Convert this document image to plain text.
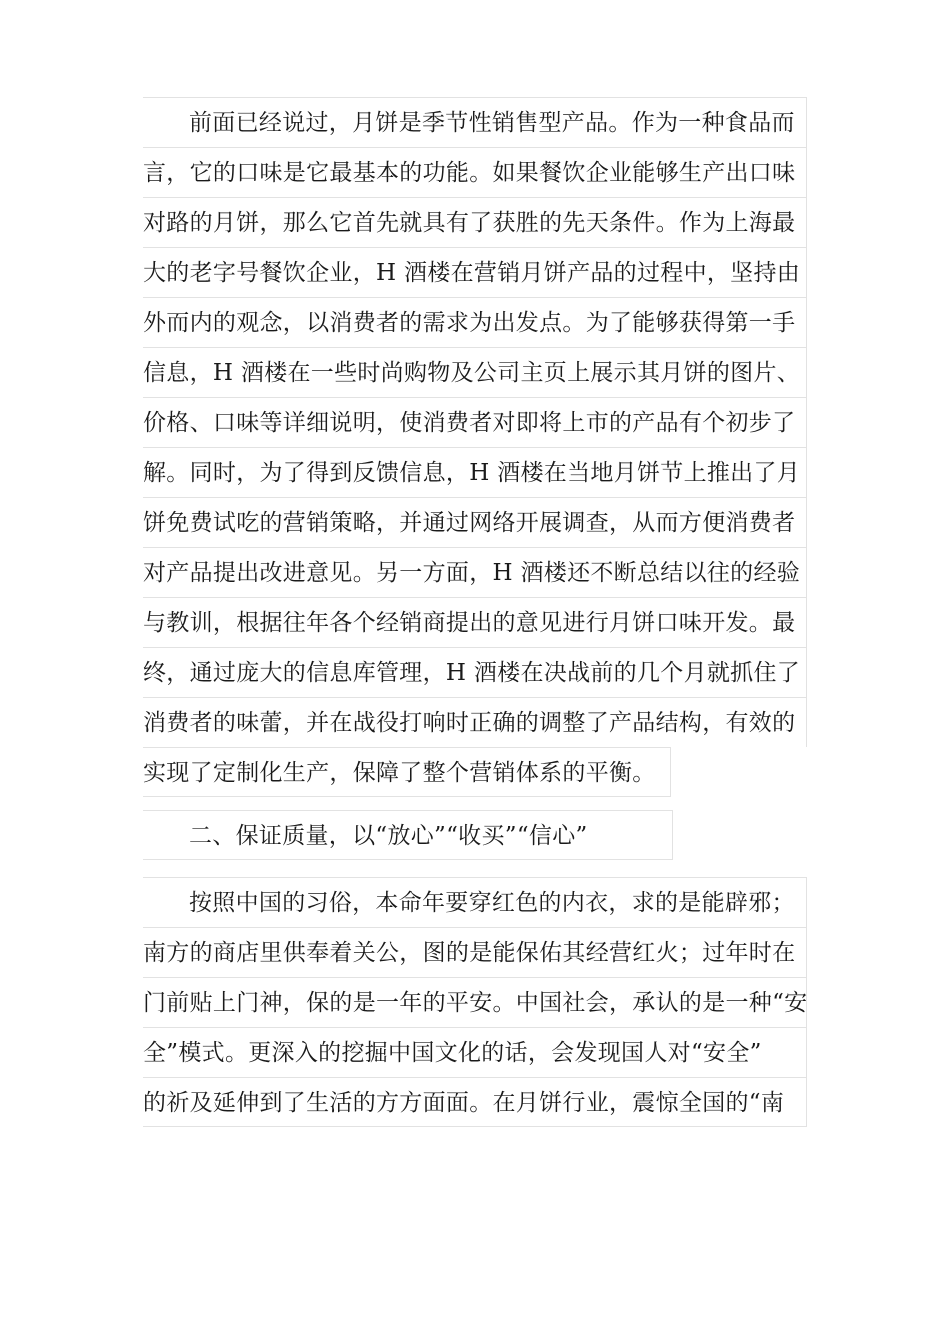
前面已经说过，月饼是季节性销售型产品。作为一种食品而
言，它的口味是它最基本的功能。如果餐饮企业能够生产出口味
对路的月饼，那么它首先就具有了获胜的先天条件。作为上海最
大的老字号餐饮企业，H 酒楼在营销月饼产品的过程中，坚持由
外而内的观念，以消费者的需求为出发点。为了能够获得第一手
信息，H 酒楼在一些时尚购物及公司主页上展示其月饼的图片、
价格、口味等详细说明，使消费者对即将上市的产品有个初步了
解。同时，为了得到反馈信息，H 酒楼在当地月饼节上推出了月
饼免费试吃的营销策略，并通过网络开展调查，从而方便消费者
对产品提出改进意见。另一方面，H 酒楼还不断总结以往的经验
与教训，根据往年各个经销商提出的意见进行月饼口味开发。最
终，通过庞大的信息库管理，H 酒楼在决战前的几个月就抓住了
消费者的味蕾，并在战役打响时正确的调整了产品结构，有效的
实现了定制化生产，保障了整个营销体系的平衡。
二、保证质量，以“放心”“收买”“信心”
按照中国的习俗，本命年要穿红色的内衣，求的是能辟邪；
南方的商店里供奉着关公，图的是能保佑其经营红火；过年时在
门前贴上门神，保的是一年的平安。中国社会，承认的是一种“安
全”模式。更深入的挖掘中国文化的话，会发现国人对“安全”
的祈及延伸到了生活的方方面面。在月饼行业，震惊全国的“南
